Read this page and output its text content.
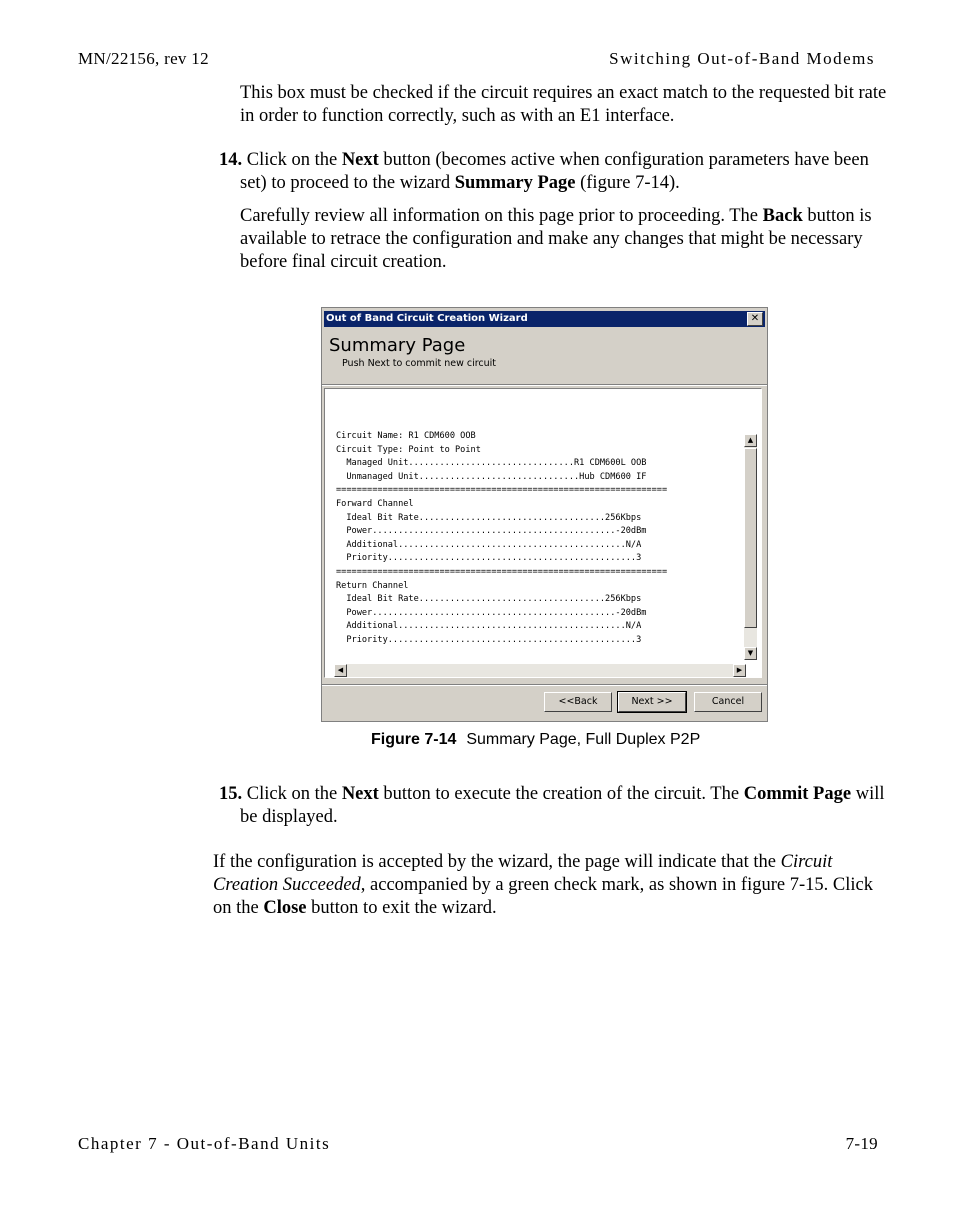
MN/22156, rev 12	Switching Out-of-Band Modems
This box must be checked if the circuit requires an exact match to the requested bit rate in order to function correctly, such as with an E1 interface.
14. Click on the Next button (becomes active when configuration parameters have been set) to proceed to the wizard Summary Page (figure 7-14).
Carefully review all information on this page prior to proceeding. The Back button is available to retrace the configuration and make any changes that might be necessary before final circuit creation.
Out of Band Circuit Creation Wizard	✕
Summary Page
Push Next to commit new circuit
Circuit Name: R1 CDM600 OOB
Circuit Type: Point to Point
Managed Unit................................R1 CDM600L OOB
Unmanaged Unit...............................Hub CDM600 IF
================================================================
Forward Channel
Ideal Bit Rate....................................256Kbps
Power...............................................-20dBm
Additional............................................N/A
Priority................................................3
================================================================
Return Channel
Ideal Bit Rate....................................256Kbps
Power...............................................-20dBm
Additional............................................N/A
Priority................................................3
▲
▼
◀	▶
<<Back	Next >>	Cancel
Figure 7-14 Summary Page, Full Duplex P2P
15. Click on the Next button to execute the creation of the circuit. The Commit Page will be displayed.
If the configuration is accepted by the wizard, the page will indicate that the Circuit Creation Succeeded, accompanied by a green check mark, as shown in figure 7-15. Click on the Close button to exit the wizard.
Chapter 7 - Out-of-Band Units	7-19
